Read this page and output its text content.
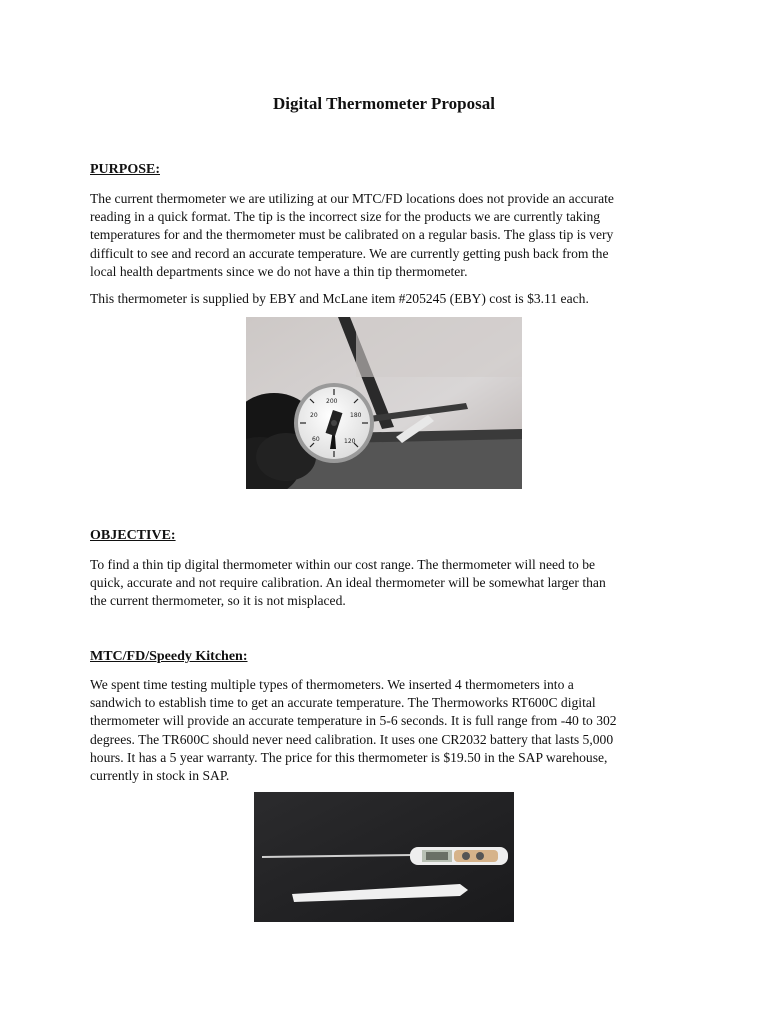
Digital Thermometer Proposal
PURPOSE:
The current thermometer we are utilizing at our MTC/FD locations does not provide an accurate
reading in a quick format. The tip is the incorrect size for the products we are currently taking
temperatures for and the thermometer must be calibrated on a regular basis. The glass tip is very
difficult to see and record an accurate temperature. We are currently getting push back from the
local health departments since we do not have a thin tip thermometer.
This thermometer is supplied by EBY and McLane item #205245 (EBY) cost is $3.11 each.
200
180
20
60	120
OBJECTIVE:
To find a thin tip digital thermometer within our cost range. The thermometer will need to be
quick, accurate and not require calibration. An ideal thermometer will be somewhat larger than
the current thermometer, so it is not misplaced.
MTC/FD/Speedy Kitchen:
We spent time testing multiple types of thermometers. We inserted 4 thermometers into a
sandwich to establish time to get an accurate temperature. The Thermoworks RT600C digital
thermometer will provide an accurate temperature in 5-6 seconds. It is full range from -40 to 302
degrees. The TR600C should never need calibration. It uses one CR2032 battery that lasts 5,000
hours. It has a 5 year warranty. The price for this thermometer is $19.50 in the SAP warehouse,
currently in stock in SAP.
